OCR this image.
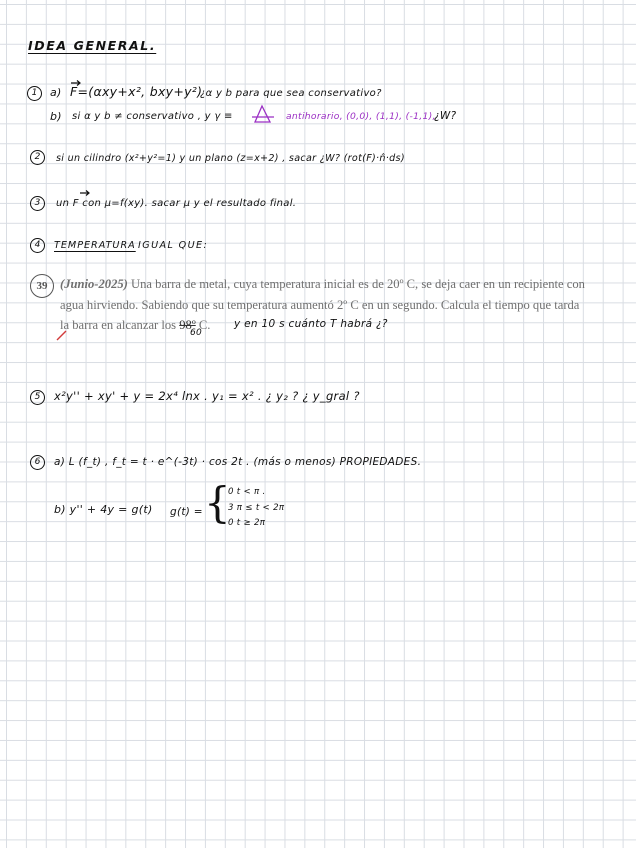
IDEA GENERAL.
1	a) F=(αxy+x², bxy+y²)
¿α y b para que sea conservativo?
b) si α y b ≠ conservativo , y γ ≡	antihorario, (0,0), (1,1), (-1,1),
¿W?
2	si un cilindro (x²+y²=1) y un plano (z=x+2) , sacar ¿W? (rot(F)·n̂·ds)
3	un F con μ=f(xy). sacar μ y el resultado final.
4	TEMPERATURA IGUAL QUE:
39 (Junio-2025) Una barra de metal, cuya temperatura inicial es de 20º C, se deja caer en un recipiente con
agua hirviendo. Sabiendo que su temperatura aumentó 2º C en un segundo. Calcula el tiempo que tarda
la barra en alcanzar los 98º C.
60
y en 10 s cuánto T habrá ¿?
5	x²y'' + xy' + y = 2x⁴ lnx . y₁ = x² . ¿ y₂ ? ¿ y_gral ?
6	a) L (f_t) , f_t = t · e^(-3t) · cos 2t . (más o menos) PROPIEDADES.
b) y'' + 4y = g(t) g(t) = {
0 t < π .
3 π ≤ t < 2π
0 t ≥ 2π
